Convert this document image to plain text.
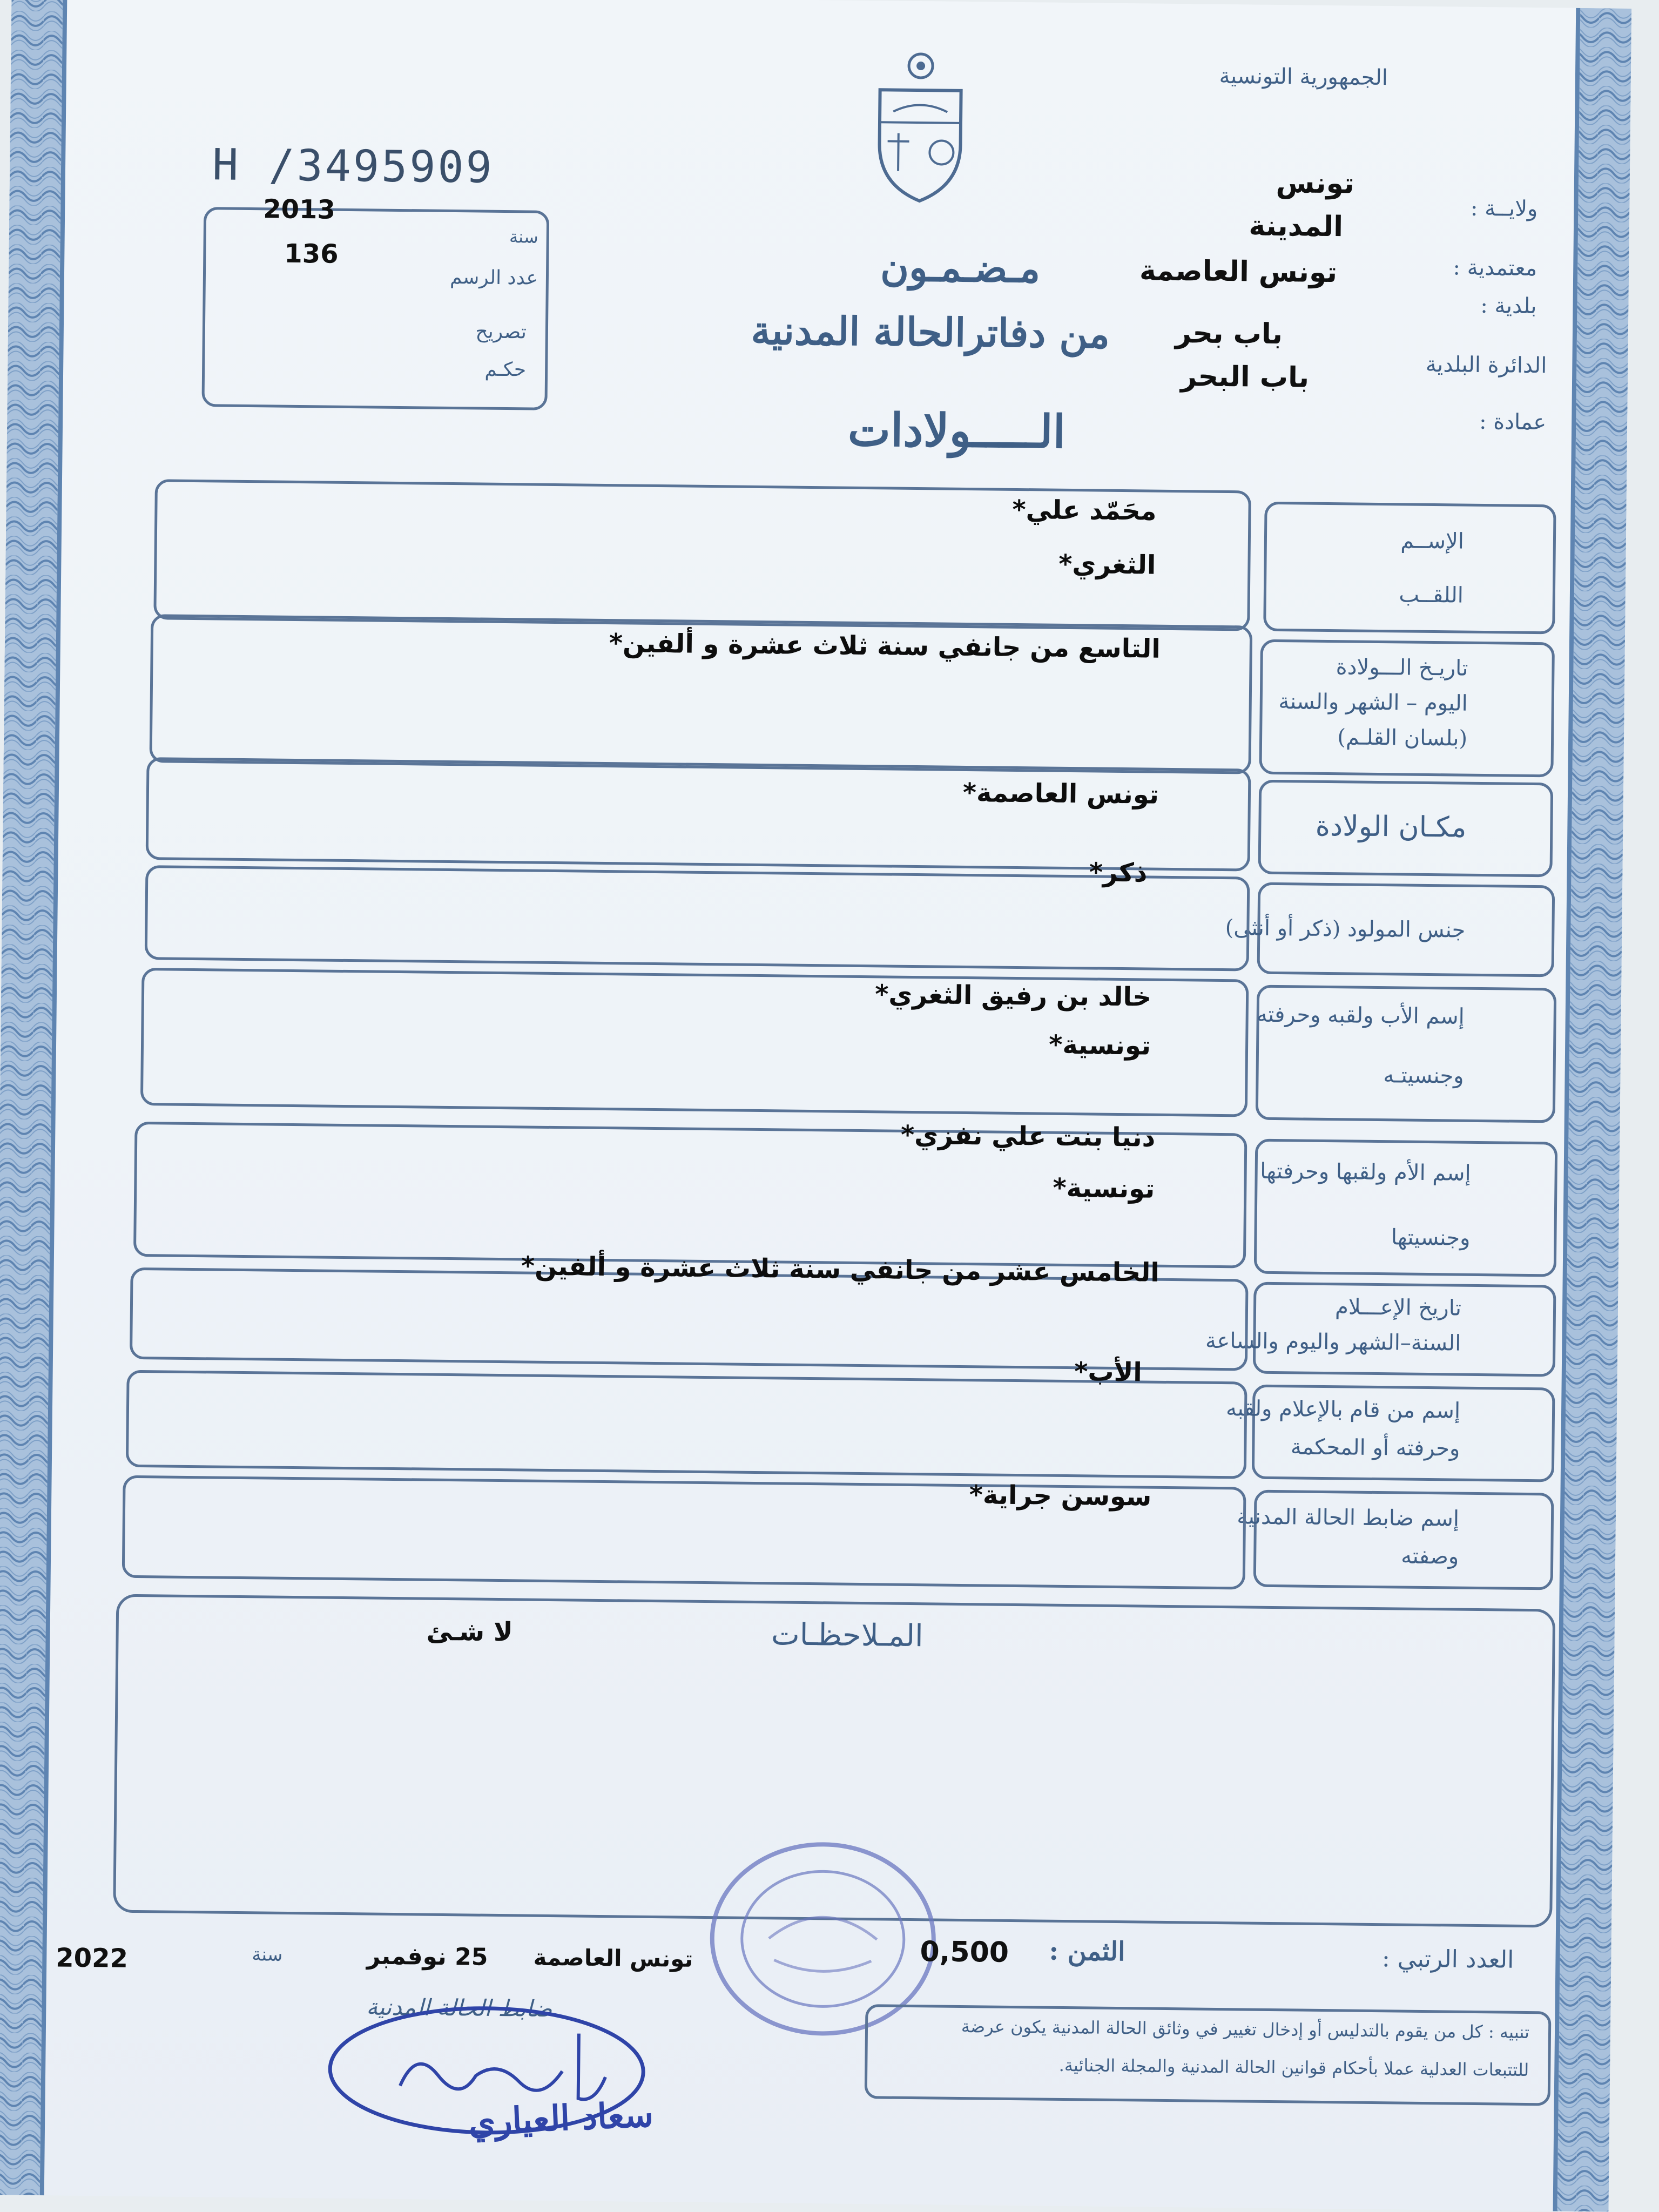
الجمهورية التونسية
H /3495909
2013
136
سنة
عدد الرسم
تصريح
حكـم
مـضـمـون
من دفاترالحالة المدنية
الـــــولادات
ولايــة :
معتمدية :
بلدية :
الدائرة البلدية
عمادة :
تونس
المدينة
تونس العاصمة
باب بحر
باب البحر
الإســم
اللقــب
محَمّد علي*
الثغري*
تاريـخ الـــولادة
اليوم – الشهر والسنة
(بلسان القلـم)
التاسع من جانفي سنة ثلاث عشرة و ألفين*
مكـان الولادة
تونس العاصمة*
جنس المولود (ذكر أو أنثى)
ذكر*
إسم الأب ولقبه وحرفته
وجنسيتـه
خالد بن رفيق الثغري*
تونسية*
إسم الأم ولقبها وحرفتها
وجنسيتها
دنيا بنت علي نفزي*
تونسية*
تاريخ الإعـــلام
السنة–الشهر واليوم والساعة
الخامس عشر من جانفي سنة ثلاث عشرة و ألفين*
إسم من قام بالإعلام ولقبه
وحرفته أو المحكمة
الأب*
إسم ضابط الحالة المدنية
وصفته
سوسن جراية*
المـلاحظـات
لا شـئ
العدد الرتبي :
الثمن :
0,500
تونس العاصمة
25 نوفمبر
سنة
2022
ضابط الحالة المدنية
سعاد العياري
تنبيه : كل من يقوم بالتدليس أو إدخال تغيير في وثائق الحالة المدنية يكون عرضة
للتتبعات العدلية عملا بأحكام قوانين الحالة المدنية والمجلة الجنائية.
